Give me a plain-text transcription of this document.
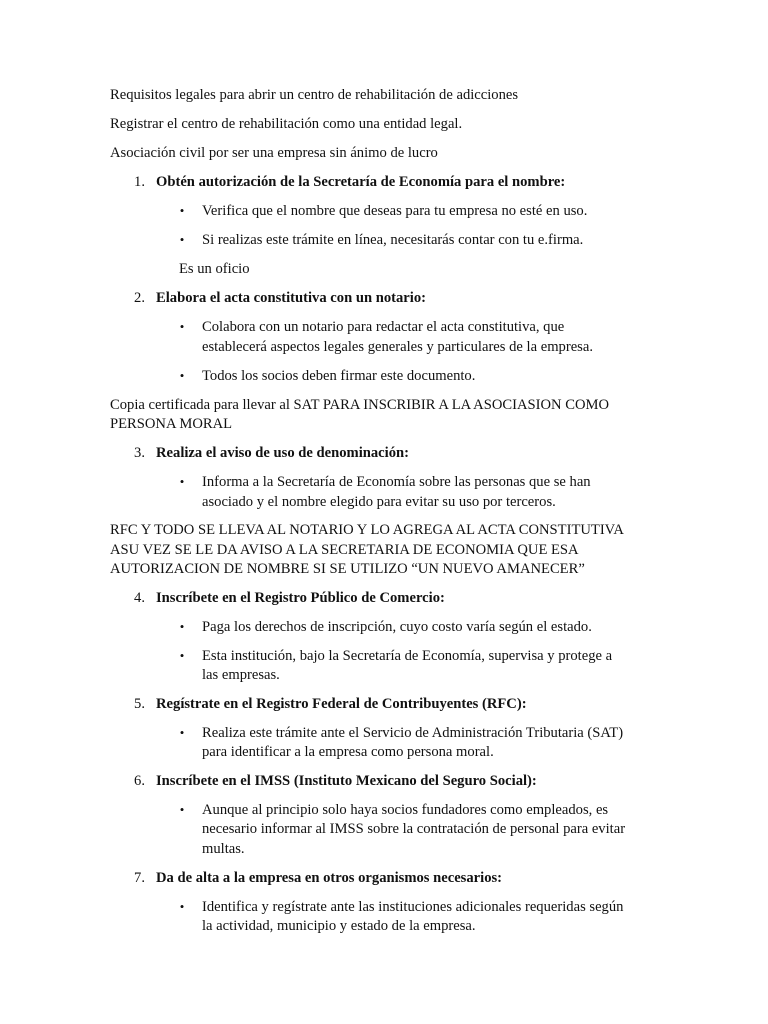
Requisitos legales para abrir un centro de rehabilitación de adicciones
Registrar el centro de rehabilitación como una entidad legal.
Asociación civil por ser una empresa sin ánimo de lucro
1. Obtén autorización de la Secretaría de Economía para el nombre:
• Verifica que el nombre que deseas para tu empresa no esté en uso.
• Si realizas este trámite en línea, necesitarás contar con tu e.firma.
Es un oficio
2. Elabora el acta constitutiva con un notario:
• Colabora con un notario para redactar el acta constitutiva, que
establecerá aspectos legales generales y particulares de la empresa.
• Todos los socios deben firmar este documento.
Copia certificada para llevar al SAT PARA INSCRIBIR A LA ASOCIASION COMO
PERSONA MORAL
3. Realiza el aviso de uso de denominación:
• Informa a la Secretaría de Economía sobre las personas que se han
asociado y el nombre elegido para evitar su uso por terceros.
RFC Y TODO SE LLEVA AL NOTARIO Y LO AGREGA AL ACTA CONSTITUTIVA
ASU VEZ SE LE DA AVISO A LA SECRETARIA DE ECONOMIA QUE ESA
AUTORIZACION DE NOMBRE SI SE UTILIZO “UN NUEVO AMANECER”
4. Inscríbete en el Registro Público de Comercio:
• Paga los derechos de inscripción, cuyo costo varía según el estado.
• Esta institución, bajo la Secretaría de Economía, supervisa y protege a
las empresas.
5. Regístrate en el Registro Federal de Contribuyentes (RFC):
• Realiza este trámite ante el Servicio de Administración Tributaria (SAT)
para identificar a la empresa como persona moral.
6. Inscríbete en el IMSS (Instituto Mexicano del Seguro Social):
• Aunque al principio solo haya socios fundadores como empleados, es
necesario informar al IMSS sobre la contratación de personal para evitar
multas.
7. Da de alta a la empresa en otros organismos necesarios:
• Identifica y regístrate ante las instituciones adicionales requeridas según
la actividad, municipio y estado de la empresa.
